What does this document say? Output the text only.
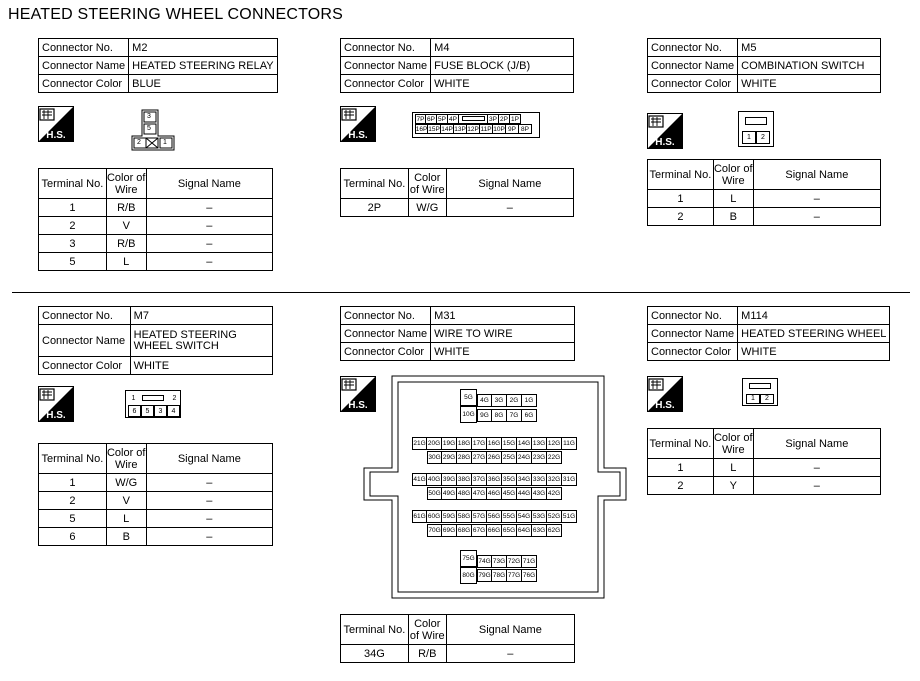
HEATED STEERING WHEEL CONNECTORS
Connector No.	M2
Connector Name	HEATED STEERING RELAY
Connector Color	BLUE
H.S.
Terminal No.	Color of Wire	Signal Name
1	R/B	–
2	V	–
3	R/B	–
5	L	–
Connector No.	M4
Connector Name	FUSE BLOCK (J/B)
Connector Color	WHITE
H.S.
Terminal No.	Color of Wire	Signal Name
2P	W/G	–
Connector No.	M5
Connector Name	COMBINATION SWITCH
Connector Color	WHITE
H.S.
Terminal No.	Color of Wire	Signal Name
1	L	–
2	B	–
Connector No.	M7
Connector Name	HEATED STEERING WHEEL SWITCH
Connector Color	WHITE
H.S.
Terminal No.	Color of Wire	Signal Name
1	W/G	–
2	V	–
5	L	–
6	B	–
Connector No.	M31
Connector Name	WIRE TO WIRE
Connector Color	WHITE
H.S.
Terminal No.	Color of Wire	Signal Name
34G	R/B	–
Connector No.	M114
Connector Name	HEATED STEERING WHEEL
Connector Color	WHITE
H.S.
Terminal No.	Color of Wire	Signal Name
1	L	–
2	Y	–
3
5
2	1
7P 6P 5P 4P	3P 2P 1P
16P 15P 14P 13P 12P 11P 10P 9P 8P
1	2
1	2
1	2
6	5	3	4
4G 3G 2G 1G
9G 8G 7G 6G
5G
10G
21G 20G 19G 18G 17G 16G 15G 14G 13G 12G 11G
30G 29G 28G 27G 26G 25G 24G 23G 22G
41G 40G 39G 38G 37G 36G 35G 34G 33G 32G 31G
50G 49G 48G 47G 46G 45G 44G 43G 42G
61G 60G 59G 58G 57G 56G 55G 54G 53G 52G 51G
70G 69G 68G 67G 66G 65G 64G 63G 62G
74G 73G 72G 71G
79G 78G 77G 76G
75G
80G
